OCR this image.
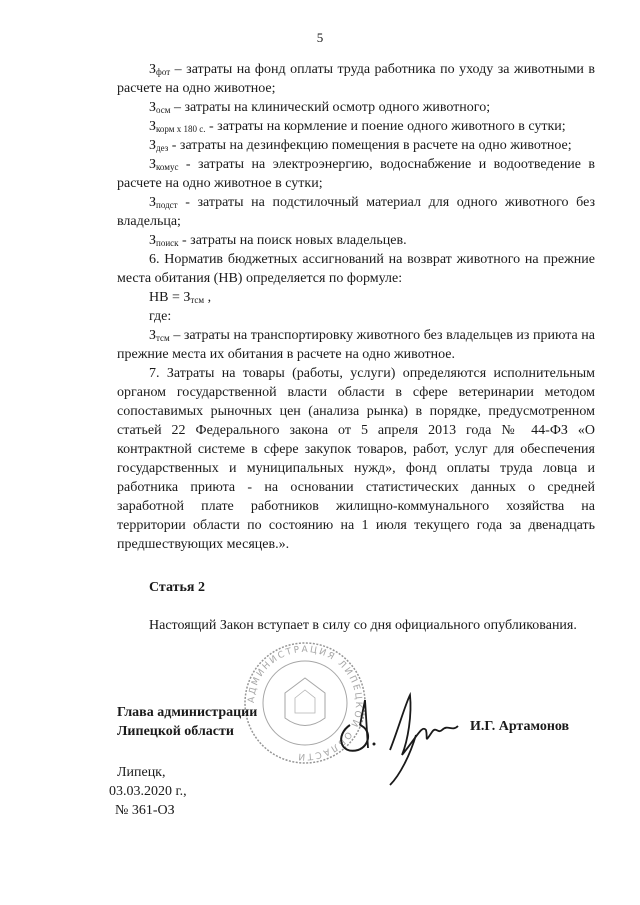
5

$З_{фот}$ – затраты на фонд оплаты труда работника по уходу за животными в расчете на одно животное;

$З_{осм}$ – затраты на клинический осмотр одного животного;

$З_{корм х 180 с.}$ - затраты на кормление и поение одного животного в сутки;

$З_{дез}$ - затраты на дезинфекцию помещения в расчете на одно животное;

$З_{комус}$ - затраты на электроэнергию, водоснабжение и водоотведение в расчете на одно животное в сутки;

$З_{подст}$ - затраты на подстилочный материал для одного животного без владельца;

$З_{поиск}$ - затраты на поиск новых владельцев.

6. Норматив бюджетных ассигнований на возврат животного на прежние места обитания (НВ) определяется по формуле:

НВ = $З_{тсм}$ ,

где:

$З_{тсм}$ – затраты на транспортировку животного без владельцев из приюта на прежние места их обитания в расчете на одно животное.

7. Затраты на товары (работы, услуги) определяются исполнительным органом государственной власти области в сфере ветеринарии методом сопоставимых рыночных цен (анализа рынка) в порядке, предусмотренном статьей 22 Федерального закона от 5 апреля 2013 года № 44-ФЗ «О контрактной системе в сфере закупок товаров, работ, услуг для обеспечения государственных и муниципальных нужд», фонд оплаты труда ловца и работника приюта - на основании статистических данных о средней заработной плате работников жилищно-коммунального хозяйства на территории области по состоянию на 1 июля текущего года за двенадцать предшествующих месяцев.».

Статья 2

Настоящий Закон вступает в силу со дня официального опубликования.

АДМИНИСТРАЦИЯ ЛИПЕЦКОЙ ОБЛАСТИ
Глава администрации
Липецкой области	И.Г. Артамонов
Липецк,
03.03.2020 г.,
№ 361-ОЗ
